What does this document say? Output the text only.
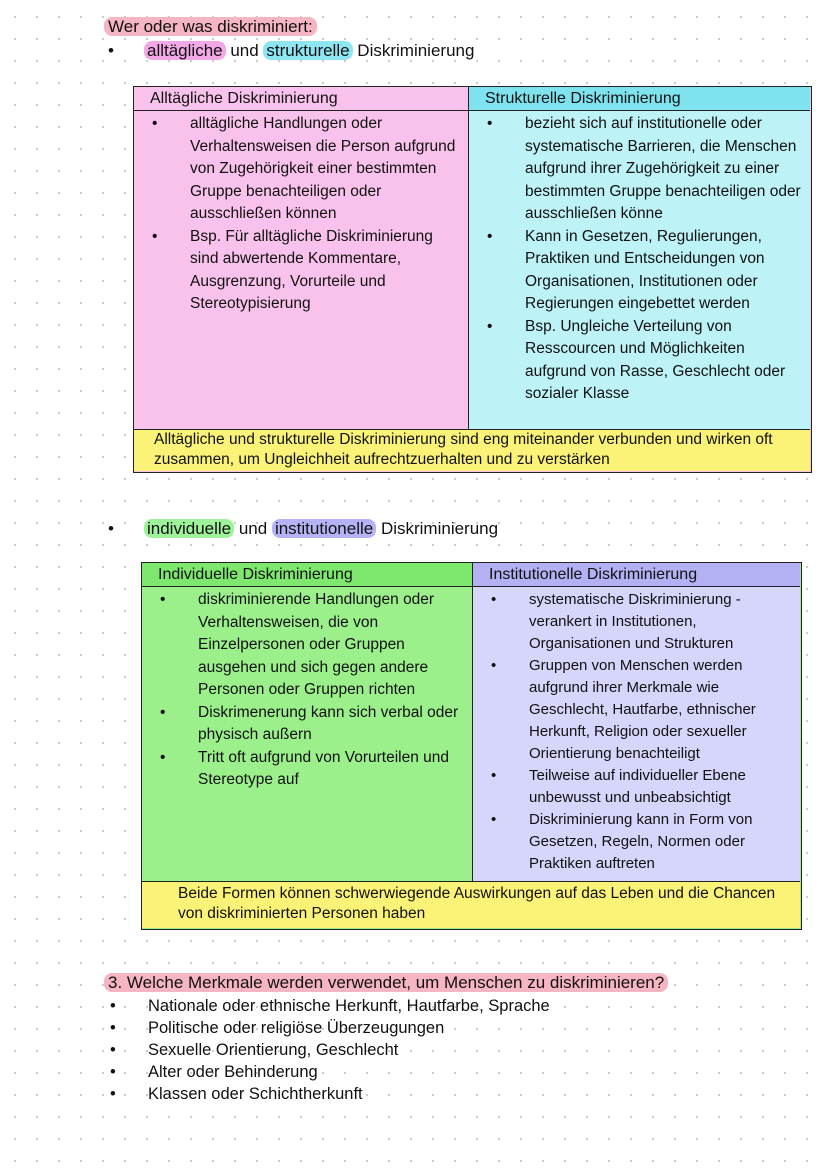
Wer oder was diskriminiert:
• alltägliche und strukturelle Diskriminierung
Alltägliche Diskriminierung
• alltägliche Handlungen oder Verhaltensweisen die Person aufgrund von Zugehörigkeit einer bestimmten Gruppe benachteiligen oder ausschließen können
• Bsp. Für alltägliche Diskriminierung sind abwertende Kommentare, Ausgrenzung, Vorurteile und Stereotypisierung
Strukturelle Diskriminierung
• bezieht sich auf institutionelle oder systematische Barrieren, die Menschen aufgrund ihrer Zugehörigkeit zu einer bestimmten Gruppe benachteiligen oder ausschließen könne
• Kann in Gesetzen, Regulierungen, Praktiken und Entscheidungen von Organisationen, Institutionen oder Regierungen eingebettet werden
• Bsp. Ungleiche Verteilung von Resscourcen und Möglichkeiten aufgrund von Rasse, Geschlecht oder sozialer Klasse
Alltägliche und strukturelle Diskriminierung sind eng miteinander verbunden und wirken oft zusammen, um Ungleichheit aufrechtzuerhalten und zu verstärken
• individuelle und institutionelle Diskriminierung
Individuelle Diskriminierung
• diskriminierende Handlungen oder Verhaltensweisen, die von Einzelpersonen oder Gruppen ausgehen und sich gegen andere Personen oder Gruppen richten
• Diskrimenerung kann sich verbal oder physisch außern
• Tritt oft aufgrund von Vorurteilen und Stereotype auf
Institutionelle Diskriminierung
• systematische Diskriminierung - verankert in Institutionen, Organisationen und Strukturen
• Gruppen von Menschen werden aufgrund ihrer Merkmale wie Geschlecht, Hautfarbe, ethnischer Herkunft, Religion oder sexueller Orientierung benachteiligt
• Teilweise auf individueller Ebene unbewusst und unbeabsichtigt
• Diskriminierung kann in Form von Gesetzen, Regeln, Normen oder Praktiken auftreten
Beide Formen können schwerwiegende Auswirkungen auf das Leben und die Chancen von diskriminierten Personen haben
3. Welche Merkmale werden verwendet, um Menschen zu diskriminieren?
• Nationale oder ethnische Herkunft, Hautfarbe, Sprache
• Politische oder religiöse Überzeugungen
• Sexuelle Orientierung, Geschlecht
• Alter oder Behinderung
• Klassen oder Schichtherkunft
